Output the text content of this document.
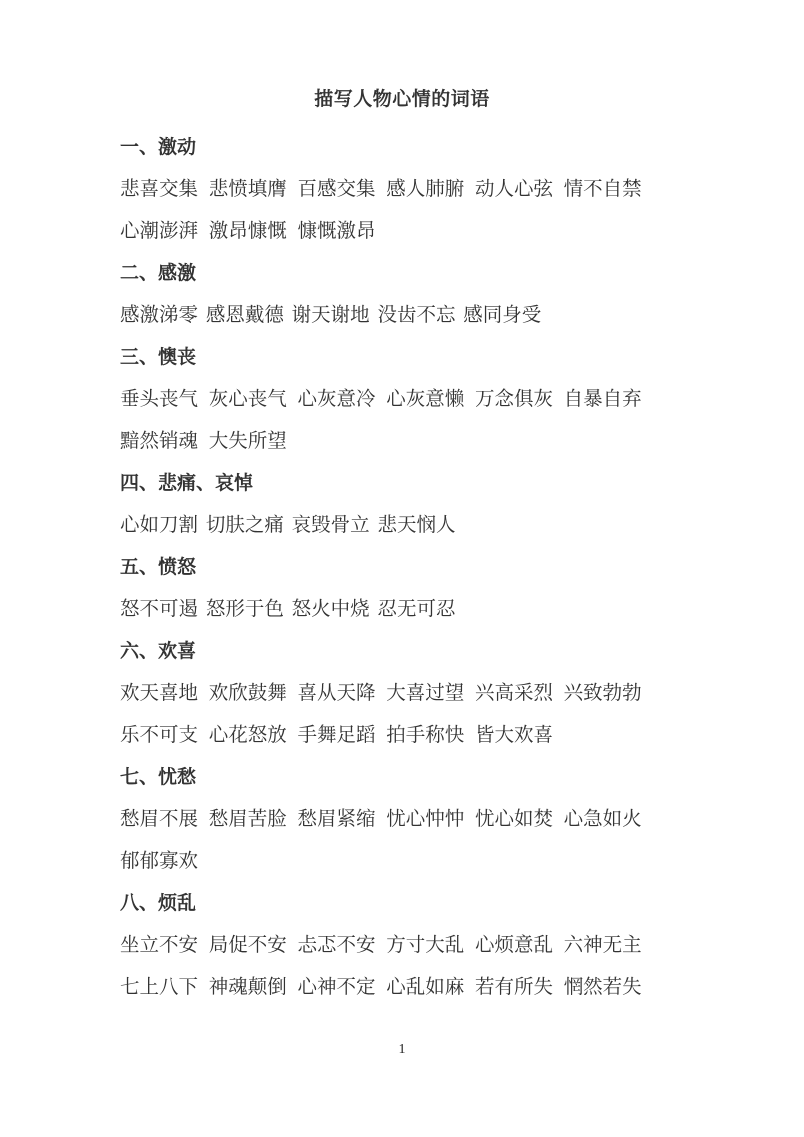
描写人物心情的词语
一、激动
悲喜交集 悲愤填膺 百感交集 感人肺腑 动人心弦 情不自禁
心潮澎湃 激昂慷慨 慷慨激昂
二、感激
感激涕零 感恩戴德 谢天谢地 没齿不忘 感同身受
三、懊丧
垂头丧气 灰心丧气 心灰意冷 心灰意懒 万念俱灰 自暴自弃
黯然销魂 大失所望
四、悲痛、哀悼
心如刀割 切肤之痛 哀毁骨立 悲天悯人
五、愤怒
怒不可遏 怒形于色 怒火中烧 忍无可忍
六、欢喜
欢天喜地 欢欣鼓舞 喜从天降 大喜过望 兴高采烈 兴致勃勃
乐不可支 心花怒放 手舞足蹈 拍手称快 皆大欢喜
七、忧愁
愁眉不展 愁眉苦脸 愁眉紧缩 忧心忡忡 忧心如焚 心急如火
郁郁寡欢
八、烦乱
坐立不安 局促不安 忐忑不安 方寸大乱 心烦意乱 六神无主
七上八下 神魂颠倒 心神不定 心乱如麻 若有所失 惘然若失
1
